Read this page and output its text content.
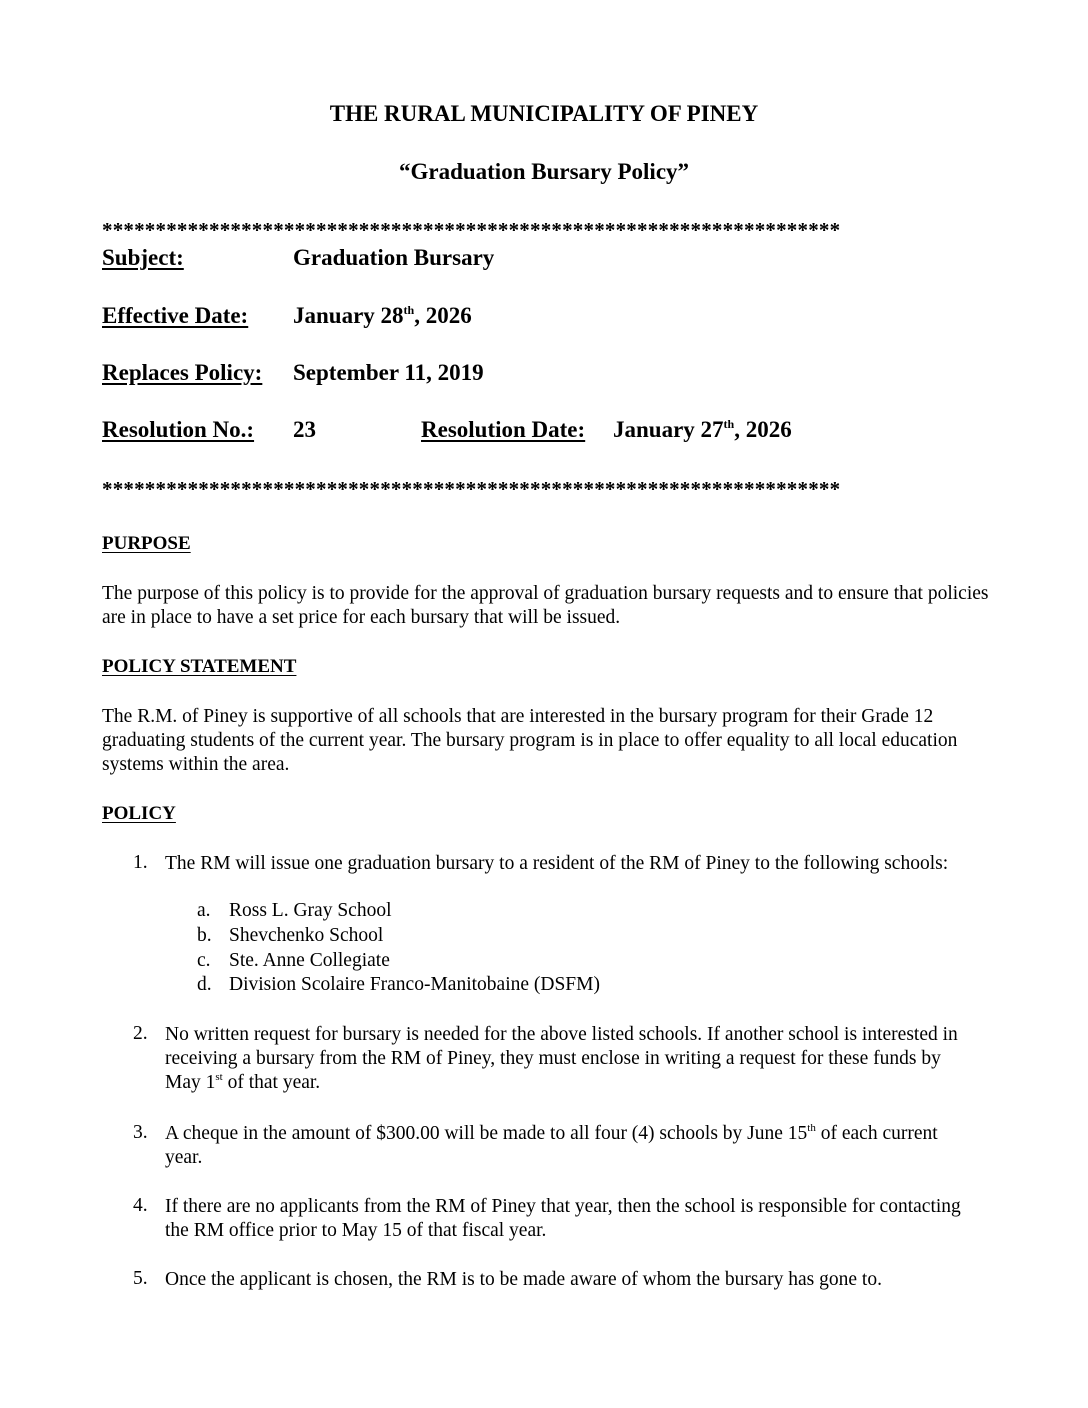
THE RURAL MUNICIPALITY OF PINEY
“Graduation Bursary Policy”
*********************************************************************
Subject:	Graduation Bursary
Effective Date: January 28th, 2026
Replaces Policy: September 11, 2019
Resolution No.: 23	Resolution Date: January 27th, 2026
*********************************************************************
PURPOSE
The purpose of this policy is to provide for the approval of graduation bursary requests and to ensure that policies are in place to have a set price for each bursary that will be issued.
POLICY STATEMENT
The R.M. of Piney is supportive of all schools that are interested in the bursary program for their Grade 12 graduating students of the current year. The bursary program is in place to offer equality to all local education systems within the area.
POLICY
1. The RM will issue one graduation bursary to a resident of the RM of Piney to the following schools:
a. Ross L. Gray School
b. Shevchenko School
c. Ste. Anne Collegiate
d. Division Scolaire Franco-Manitobaine (DSFM)
2. No written request for bursary is needed for the above listed schools. If another school is interested in receiving a bursary from the RM of Piney, they must enclose in writing a request for these funds by May 1st of that year.
3. A cheque in the amount of $300.00 will be made to all four (4) schools by June 15th of each current year.
4. If there are no applicants from the RM of Piney that year, then the school is responsible for contacting the RM office prior to May 15 of that fiscal year.
5. Once the applicant is chosen, the RM is to be made aware of whom the bursary has gone to.
